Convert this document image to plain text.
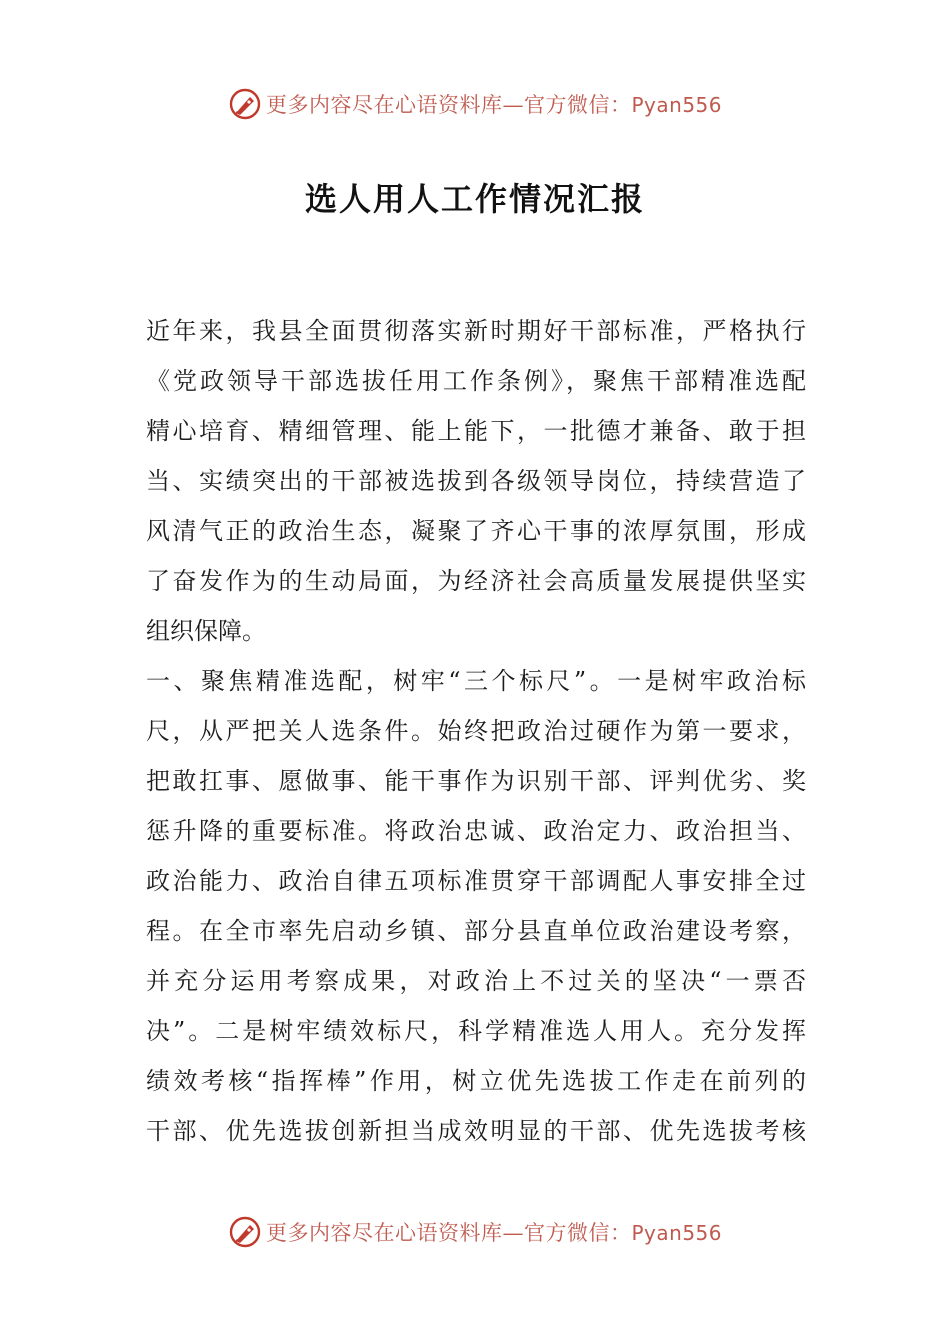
更多内容尽在心语资料库—官方微信：Pyan556
选人用人工作情况汇报
近年来，我县全面贯彻落实新时期好干部标准，严格执行
《党政领导干部选拔任用工作条例》，聚焦干部精准选配
精心培育、精细管理、能上能下，一批德才兼备、敢于担
当、实绩突出的干部被选拔到各级领导岗位，持续营造了
风清气正的政治生态，凝聚了齐心干事的浓厚氛围，形成
了奋发作为的生动局面，为经济社会高质量发展提供坚实
组织保障。
一、聚焦精准选配，树牢“三个标尺”。一是树牢政治标
尺，从严把关人选条件。始终把政治过硬作为第一要求，
把敢扛事、愿做事、能干事作为识别干部、评判优劣、奖
惩升降的重要标准。将政治忠诚、政治定力、政治担当、
政治能力、政治自律五项标准贯穿干部调配人事安排全过
程。在全市率先启动乡镇、部分县直单位政治建设考察，
并充分运用考察成果，对政治上不过关的坚决“一票否
决”。二是树牢绩效标尺，科学精准选人用人。充分发挥
绩效考核“指挥棒”作用，树立优先选拔工作走在前列的
干部、优先选拔创新担当成效明显的干部、优先选拔考核
更多内容尽在心语资料库—官方微信：Pyan556
